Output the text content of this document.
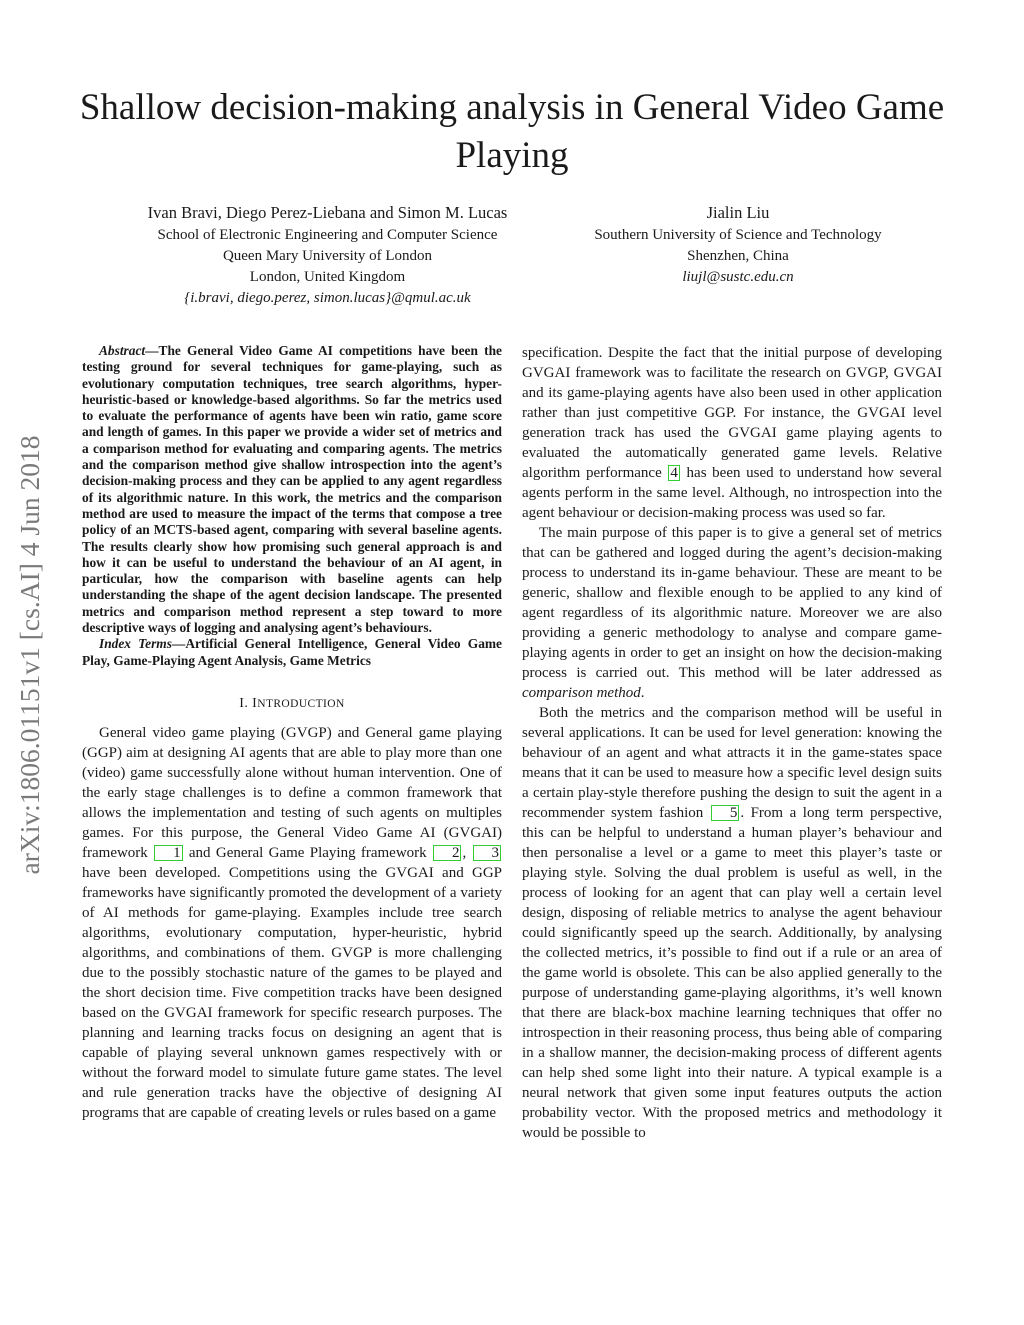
Shallow decision-making analysis in General Video Game Playing
Ivan Bravi, Diego Perez-Liebana and Simon M. Lucas
School of Electronic Engineering and Computer Science
Queen Mary University of London
London, United Kingdom
{i.bravi, diego.perez, simon.lucas}@qmul.ac.uk
Jialin Liu
Southern University of Science and Technology
Shenzhen, China
liujl@sustc.edu.cn
arXiv:1806.01151v1 [cs.AI] 4 Jun 2018

Abstract—The General Video Game AI competitions have been the testing ground for several techniques for game-playing, such as evolutionary computation techniques, tree search algorithms, hyper-heuristic-based or knowledge-based algorithms. So far the metrics used to evaluate the performance of agents have been win ratio, game score and length of games. In this paper we provide a wider set of metrics and a comparison method for evaluating and comparing agents. The metrics and the comparison method give shallow introspection into the agent’s decision-making process and they can be applied to any agent regardless of its algorithmic nature. In this work, the metrics and the comparison method are used to measure the impact of the terms that compose a tree policy of an MCTS-based agent, comparing with several baseline agents. The results clearly show how promising such general approach is and how it can be useful to understand the behaviour of an AI agent, in particular, how the comparison with baseline agents can help understanding the shape of the agent decision landscape. The presented metrics and comparison method represent a step toward to more descriptive ways of logging and analysing agent’s behaviours.

Index Terms—Artificial General Intelligence, General Video Game Play, Game-Playing Agent Analysis, Game Metrics

I. INTRODUCTION

General video game playing (GVGP) and General game playing (GGP) aim at designing AI agents that are able to play more than one (video) game successfully alone without human intervention. One of the early stage challenges is to define a common framework that allows the implementation and testing of such agents on multiples games. For this purpose, the General Video Game AI (GVGAI) framework 1 and General Game Playing framework 2 , 3 have been developed. Competitions using the GVGAI and GGP frameworks have significantly promoted the development of a variety of AI methods for game-playing. Examples include tree search algorithms, evolutionary computation, hyper-heuristic, hybrid algorithms, and combinations of them. GVGP is more challenging due to the possibly stochastic nature of the games to be played and the short decision time. Five competition tracks have been designed based on the GVGAI framework for specific research purposes. The planning and learning tracks focus on designing an agent that is capable of playing several unknown games respectively with or without the forward model to simulate future game states. The level and rule generation tracks have the objective of designing AI programs that are capable of creating levels or rules based on a game

specification. Despite the fact that the initial purpose of developing GVGAI framework was to facilitate the research on GVGP, GVGAI and its game-playing agents have also been used in other application rather than just competitive GGP. For instance, the GVGAI level generation track has used the GVGAI game playing agents to evaluated the automatically generated game levels. Relative algorithm performance 4 has been used to understand how several agents perform in the same level. Although, no introspection into the agent behaviour or decision-making process was used so far.

The main purpose of this paper is to give a general set of metrics that can be gathered and logged during the agent’s decision-making process to understand its in-game behaviour. These are meant to be generic, shallow and flexible enough to be applied to any kind of agent regardless of its algorithmic nature. Moreover we are also providing a generic methodology to analyse and compare game-playing agents in order to get an insight on how the decision-making process is carried out. This method will be later addressed as comparison method.

Both the metrics and the comparison method will be useful in several applications. It can be used for level generation: knowing the behaviour of an agent and what attracts it in the game-states space means that it can be used to measure how a specific level design suits a certain play-style therefore pushing the design to suit the agent in a recommender system fashion 5 . From a long term perspective, this can be helpful to understand a human player’s behaviour and then personalise a level or a game to meet this player’s taste or playing style. Solving the dual problem is useful as well, in the process of looking for an agent that can play well a certain level design, disposing of reliable metrics to analyse the agent behaviour could significantly speed up the search. Additionally, by analysing the collected metrics, it’s possible to find out if a rule or an area of the game world is obsolete. This can be also applied generally to the purpose of understanding game-playing algorithms, it’s well known that there are black-box machine learning techniques that offer no introspection in their reasoning process, thus being able of comparing in a shallow manner, the decision-making process of different agents can help shed some light into their nature. A typical example is a neural network that given some input features outputs the action probability vector. With the proposed metrics and methodology it would be possible to
